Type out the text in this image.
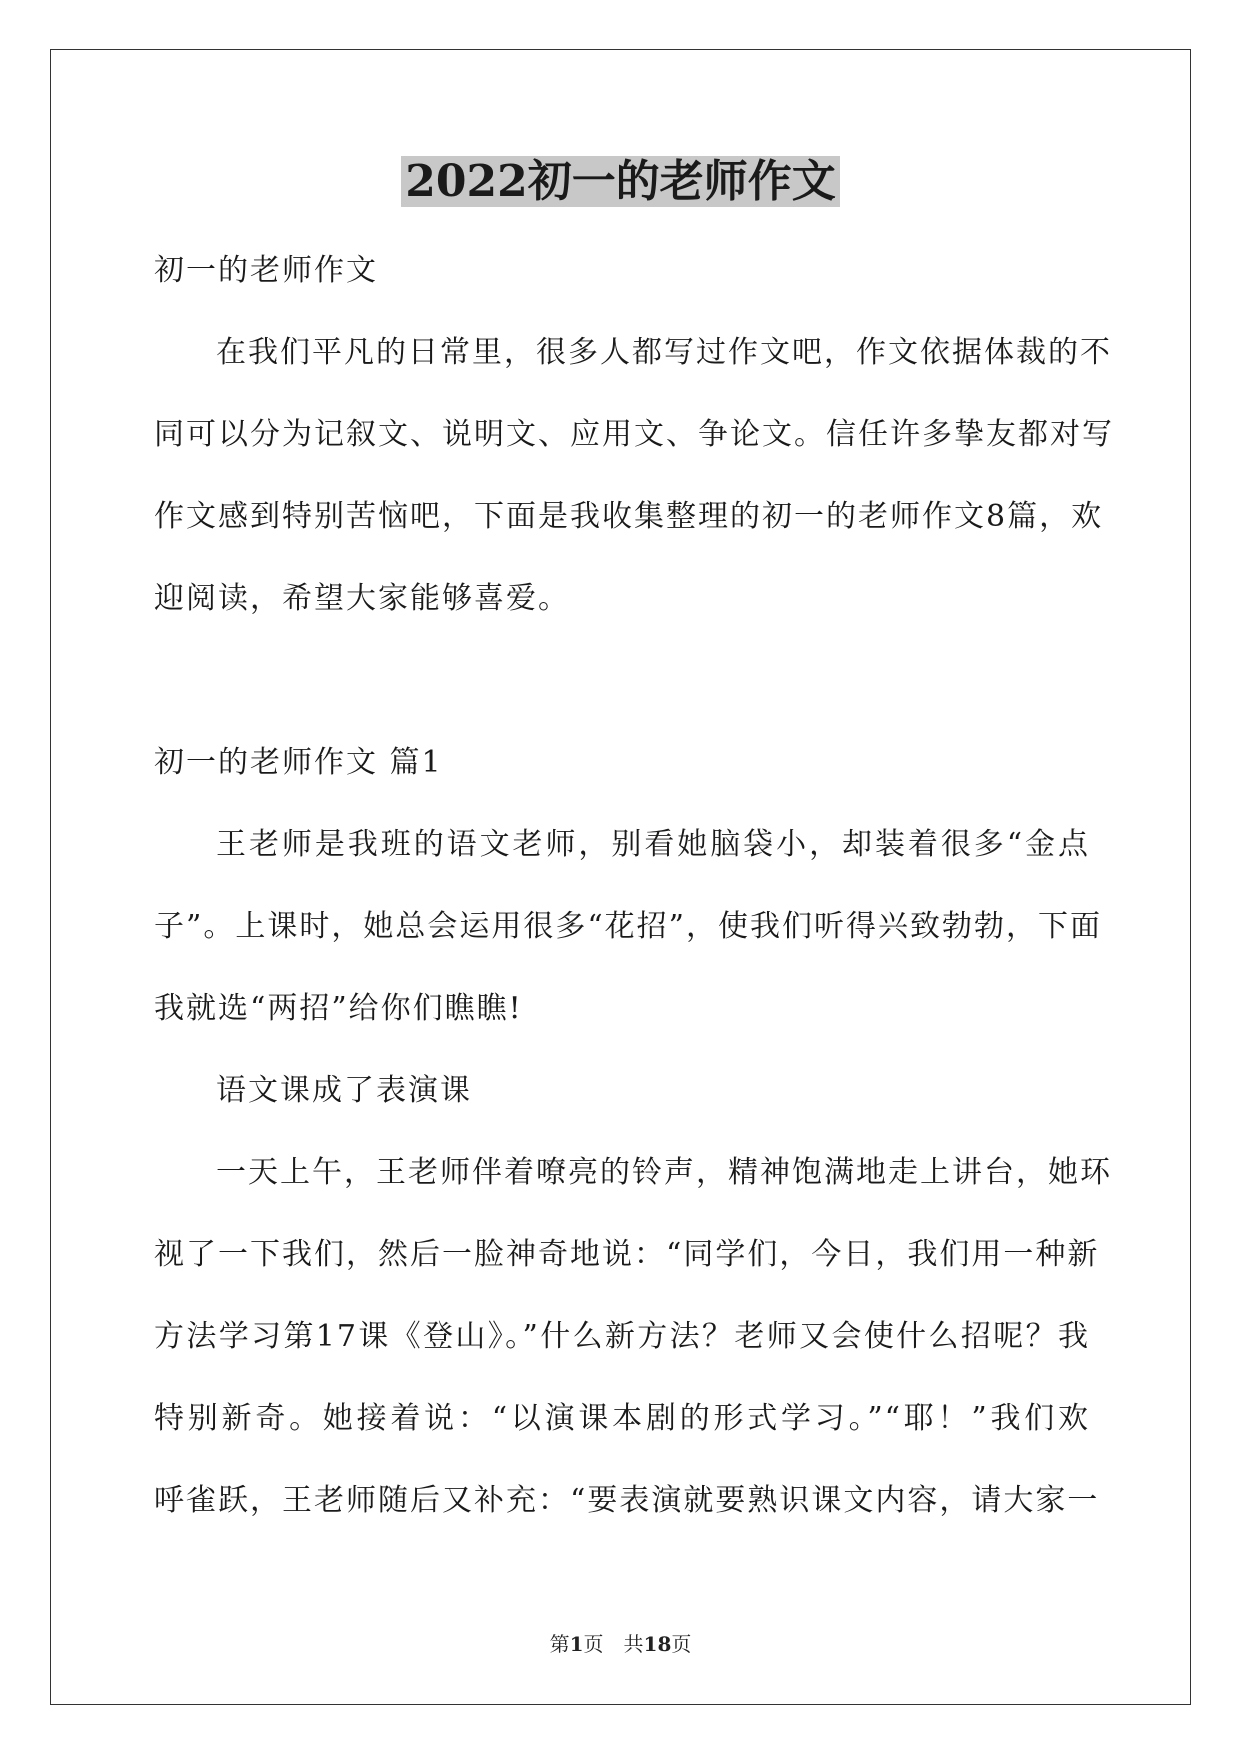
2022初一的老师作文
初一的老师作文
在我们平凡的日常里，很多人都写过作文吧，作文依据体裁的不
同可以分为记叙文、说明文、应用文、争论文。信任许多挚友都对写
作文感到特别苦恼吧，下面是我收集整理的初一的老师作文8篇，欢
迎阅读，希望大家能够喜爱。
初一的老师作文 篇1
王老师是我班的语文老师，别看她脑袋小，却装着很多“金点
子”。上课时，她总会运用很多“花招”，使我们听得兴致勃勃，下面
我就选“两招”给你们瞧瞧!
语文课成了表演课
一天上午，王老师伴着嘹亮的铃声，精神饱满地走上讲台，她环
视了一下我们，然后一脸神奇地说：“同学们，今日，我们用一种新
方法学习第17课《登山》。”什么新方法？老师又会使什么招呢？我
特别新奇。她接着说：“以演课本剧的形式学习。”“耶！”我们欢
呼雀跃，王老师随后又补充：“要表演就要熟识课文内容，请大家一
第1页　共18页
